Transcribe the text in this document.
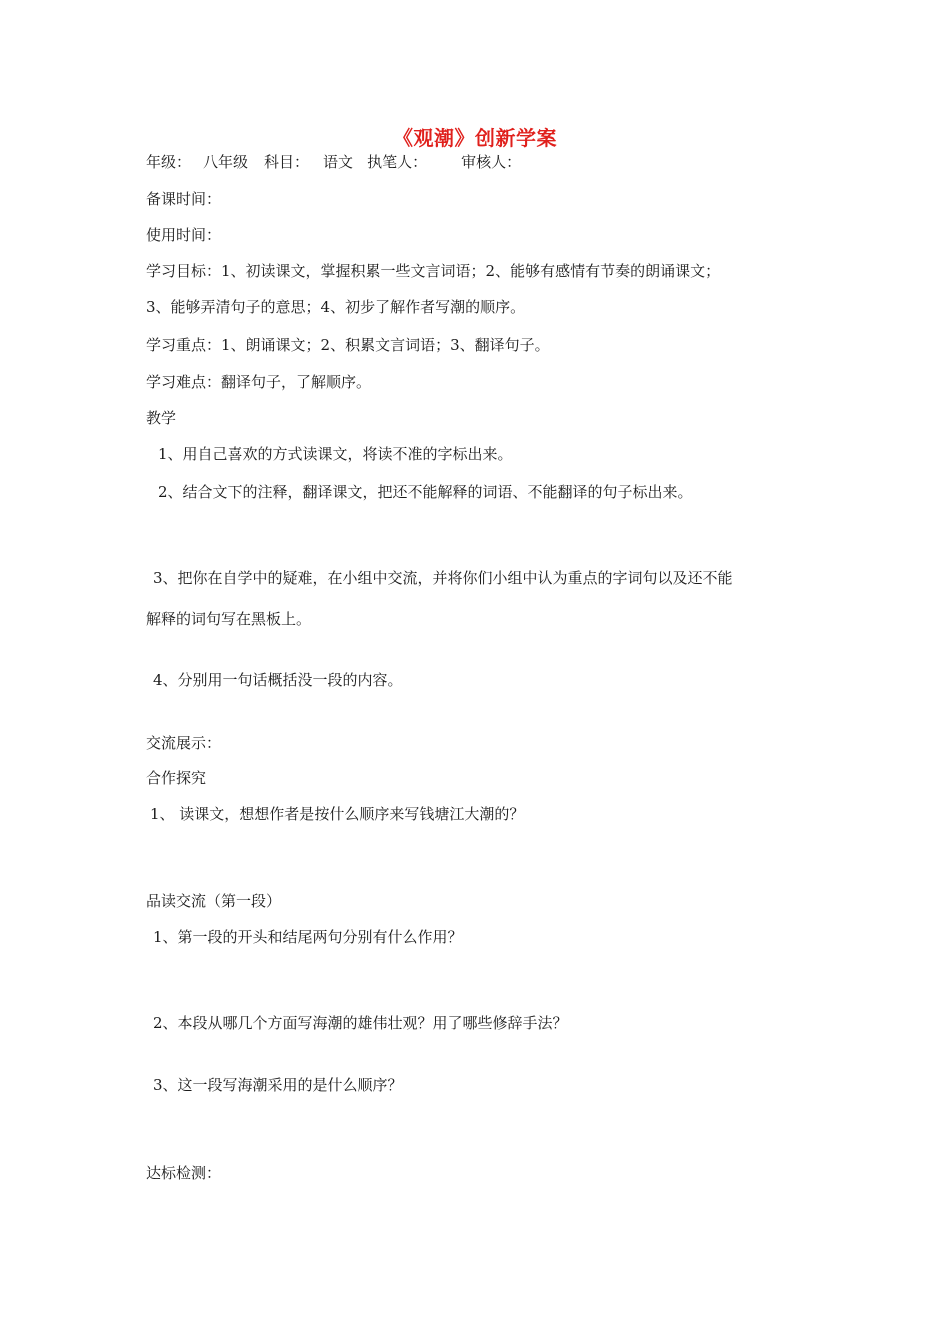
《观潮》创新学案
年级： 八年级 科目： 语文 执笔人： 审核人：
备课时间：
使用时间：
学习目标：1、初读课文，掌握积累一些文言词语；2、能够有感情有节奏的朗诵课文；
3、能够弄清句子的意思；4、初步了解作者写潮的顺序。
学习重点：1、朗诵课文；2、积累文言词语；3、翻译句子。
学习难点：翻译句子，了解顺序。
教学
1、用自己喜欢的方式读课文，将读不准的字标出来。
2、结合文下的注释，翻译课文，把还不能解释的词语、不能翻译的句子标出来。
3、把你在自学中的疑难，在小组中交流，并将你们小组中认为重点的字词句以及还不能
解释的词句写在黑板上。
4、分别用一句话概括没一段的内容。
交流展示：
合作探究
1、 读课文，想想作者是按什么顺序来写钱塘江大潮的？
品读交流（第一段）
1、第一段的开头和结尾两句分别有什么作用？
2、本段从哪几个方面写海潮的雄伟壮观？用了哪些修辞手法？
3、这一段写海潮采用的是什么顺序？
达标检测：
